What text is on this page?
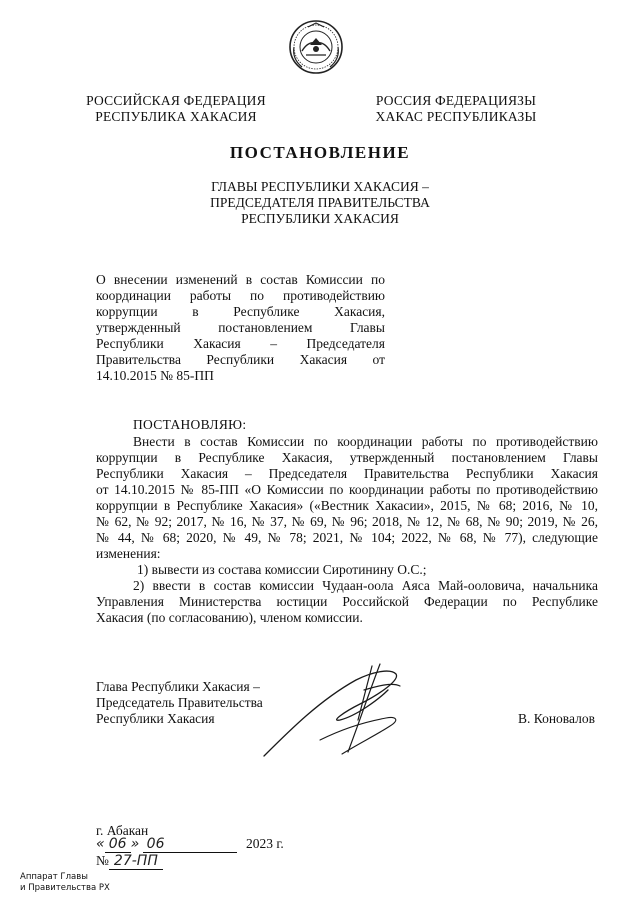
РОССИЙСКАЯ ФЕДЕРАЦИЯ
РЕСПУБЛИКА ХАКАСИЯ
РОССИЯ ФЕДЕРАЦИЯЗЫ
ХАКАС РЕСПУБЛИКАЗЫ
ПОСТАНОВЛЕНИЕ
ГЛАВЫ РЕСПУБЛИКИ ХАКАСИЯ –
ПРЕДСЕДАТЕЛЯ ПРАВИТЕЛЬСТВА
РЕСПУБЛИКИ ХАКАСИЯ
О внесении изменений в состав Комиссии по
координации работы по противодействию
коррупции в Республике Хакасия,
утвержденный постановлением Главы
Республики Хакасия – Председателя
Правительства Республики Хакасия от
14.10.2015 № 85-ПП
ПОСТАНОВЛЯЮ:
Внести в состав Комиссии по координации работы по противодействию
коррупции в Республике Хакасия, утвержденный постановлением Главы
Республики Хакасия – Председателя Правительства Республики Хакасия
от 14.10.2015 № 85-ПП «О Комиссии по координации работы по противодействию
коррупции в Республике Хакасия» («Вестник Хакасии», 2015, № 68; 2016, № 10,
№ 62, № 92; 2017, № 16, № 37, № 69, № 96; 2018, № 12, № 68, № 90; 2019, № 26,
№ 44, № 68; 2020, № 49, № 78; 2021, № 104; 2022, № 68, № 77), следующие
изменения:
1) вывести из состава комиссии Сиротинину О.С.;
2) ввести в состав комиссии Чудаан-оола Аяса Май-ооловича, начальника
Управления Министерства юстиции Российской Федерации по Республике
Хакасия (по согласованию), членом комиссии.
Глава Республики Хакасия –
Председатель Правительства
Республики Хакасия	В. Коновалов
г. Абакан
« 06 » 06	2023 г.
№ 27-ПП
Аппарат Главы
и Правительства РХ
